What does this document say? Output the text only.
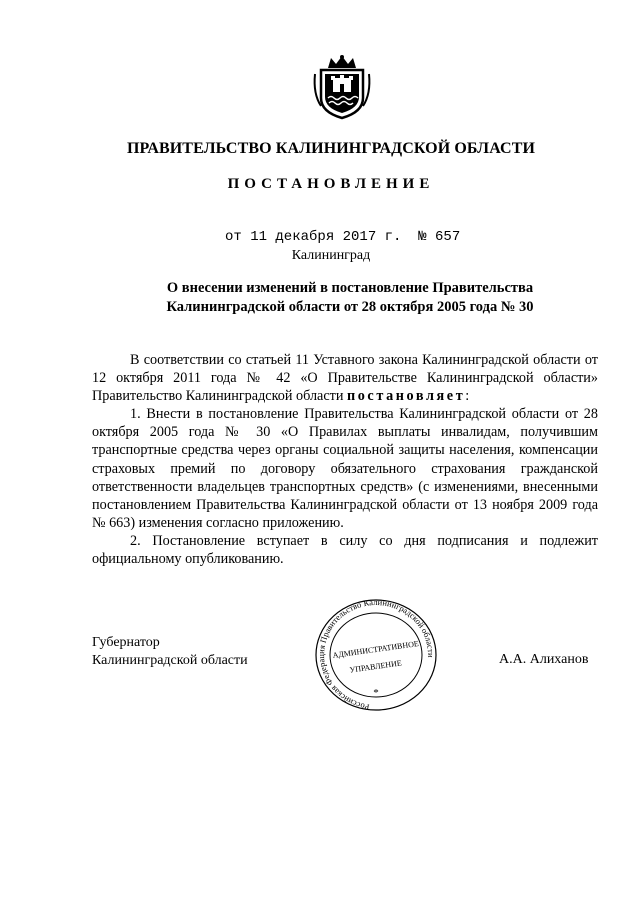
ПРАВИТЕЛЬСТВО КАЛИНИНГРАДСКОЙ ОБЛАСТИ
ПОСТАНОВЛЕНИЕ
от 11 декабря 2017 г.  № 657
Калининград
О внесении изменений в постановление Правительства
Калининградской области от 28 октября 2005 года № 30

В соответствии со статьей 11 Уставного закона Калининградской области от 12 октября 2011 года № 42 «О Правительстве Калининградской области» Правительство Калининградской области постановляет:

1. Внести в постановление Правительства Калининградской области от 28 октября 2005 года № 30 «О Правилах выплаты инвалидам, получившим транспортные средства через органы социальной защиты населения, компенсации страховых премий по договору обязательного страхования гражданской ответственности владельцев транспортных средств» (с изменениями, внесенными постановлением Правительства Калининградской области от 13 ноября 2009 года № 663) изменения согласно приложению.

2. Постановление вступает в силу со дня подписания и подлежит официальному опубликованию.

Губернатор
Калининградской области	А.А. Алиханов
Российская Федерация Правительство Калининградской области
АДМИНИСТРАТИВНОЕ
УПРАВЛЕНИЕ
*
